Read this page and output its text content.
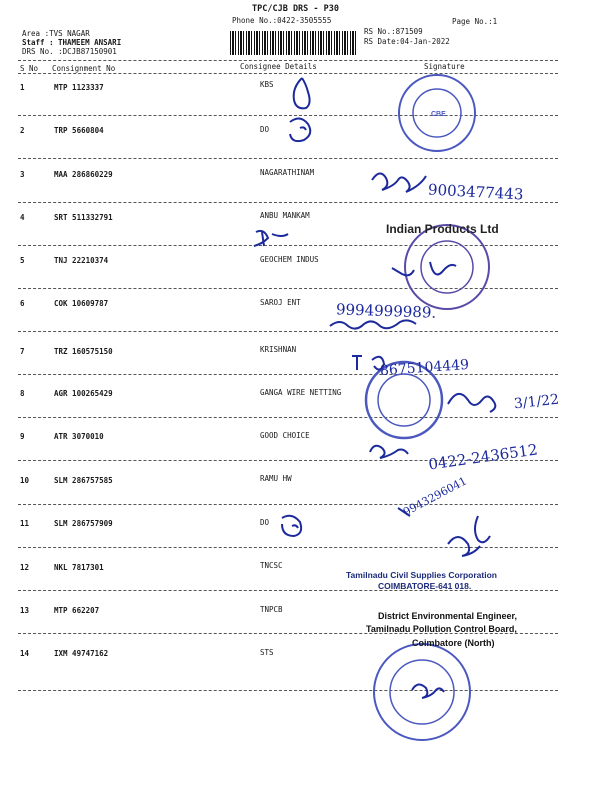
TPC/CJB DRS - P30
Phone No.:0422-3505555
Area :TVS NAGAR
Staff : THAMEEM ANSARI
DRS No. :DCJB87150901
RS No.:871509
RS Date:04-Jan-2022
Page No.:1
S No Consignment No	Consignee Details	Signature
1	MTP 1123337	KBS
2	TRP 5660804	DO
3	MAA 286860229	NAGARATHINAM
4	SRT 511332791	ANBU MANKAM
5	TNJ 22210374	GEOCHEM INDUS
6	COK 10609787	SAROJ ENT
7	TRZ 160575150	KRISHNAN
8	AGR 100265429	GANGA WIRE NETTING
9	ATR 3070010	GOOD CHOICE
10	SLM 286757585	RAMU HW
11	SLM 286757909	DO
12	NKL 7817301	TNCSC
13	MTP 662207	TNPCB
14	IXM 49747162	STS
CBE
9003477443
9994999989.
8675104449
3/1/22
0422-2436512
9943296041
Indian Products Ltd
Tamilnadu Civil Supplies Corporation
COIMBATORE-641 018.
District Environmental Engineer,
Tamilnadu Pollution Control Board,
Coimbatore (North)
